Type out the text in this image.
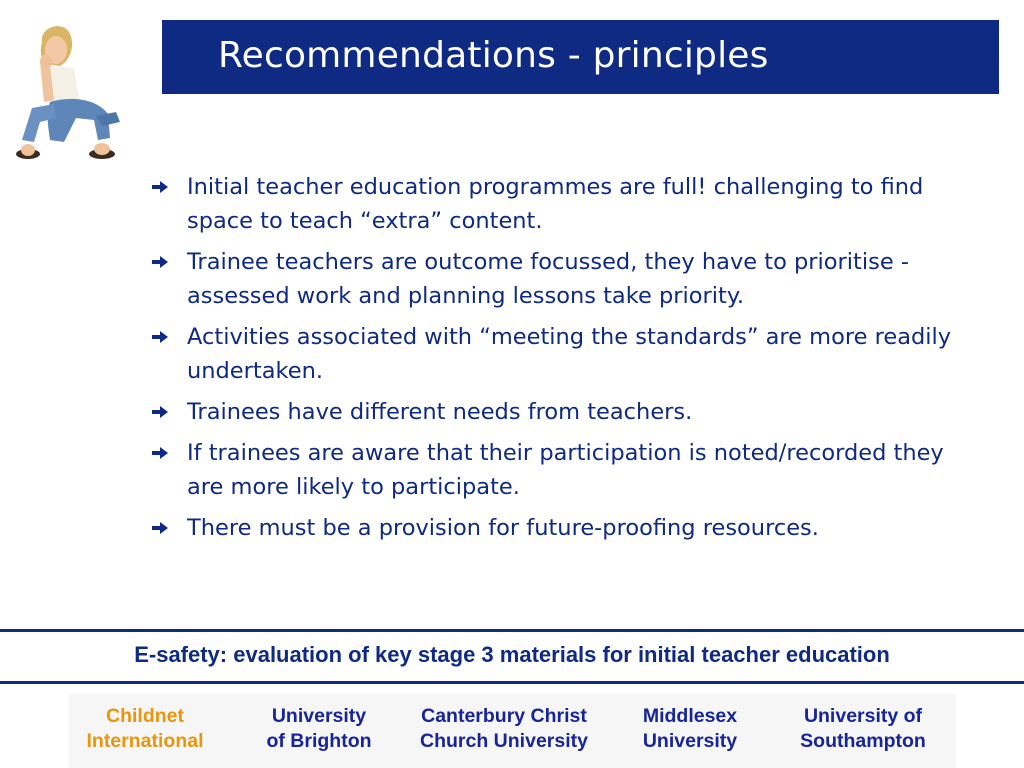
Recommendations - principles
Initial teacher education programmes are full! challenging to find space to teach “extra” content.
Trainee teachers are outcome focussed, they have to prioritise - assessed work and planning lessons take priority.
Activities associated with “meeting the standards” are more readily undertaken.
Trainees have different needs from teachers.
If trainees are aware that their participation is noted/recorded they are more likely to participate.
There must be a provision for future-proofing resources.
E-safety: evaluation of key stage 3 materials for initial teacher education
Childnet
International
University
of Brighton
Canterbury Christ
Church University
Middlesex
University
University of
Southampton
